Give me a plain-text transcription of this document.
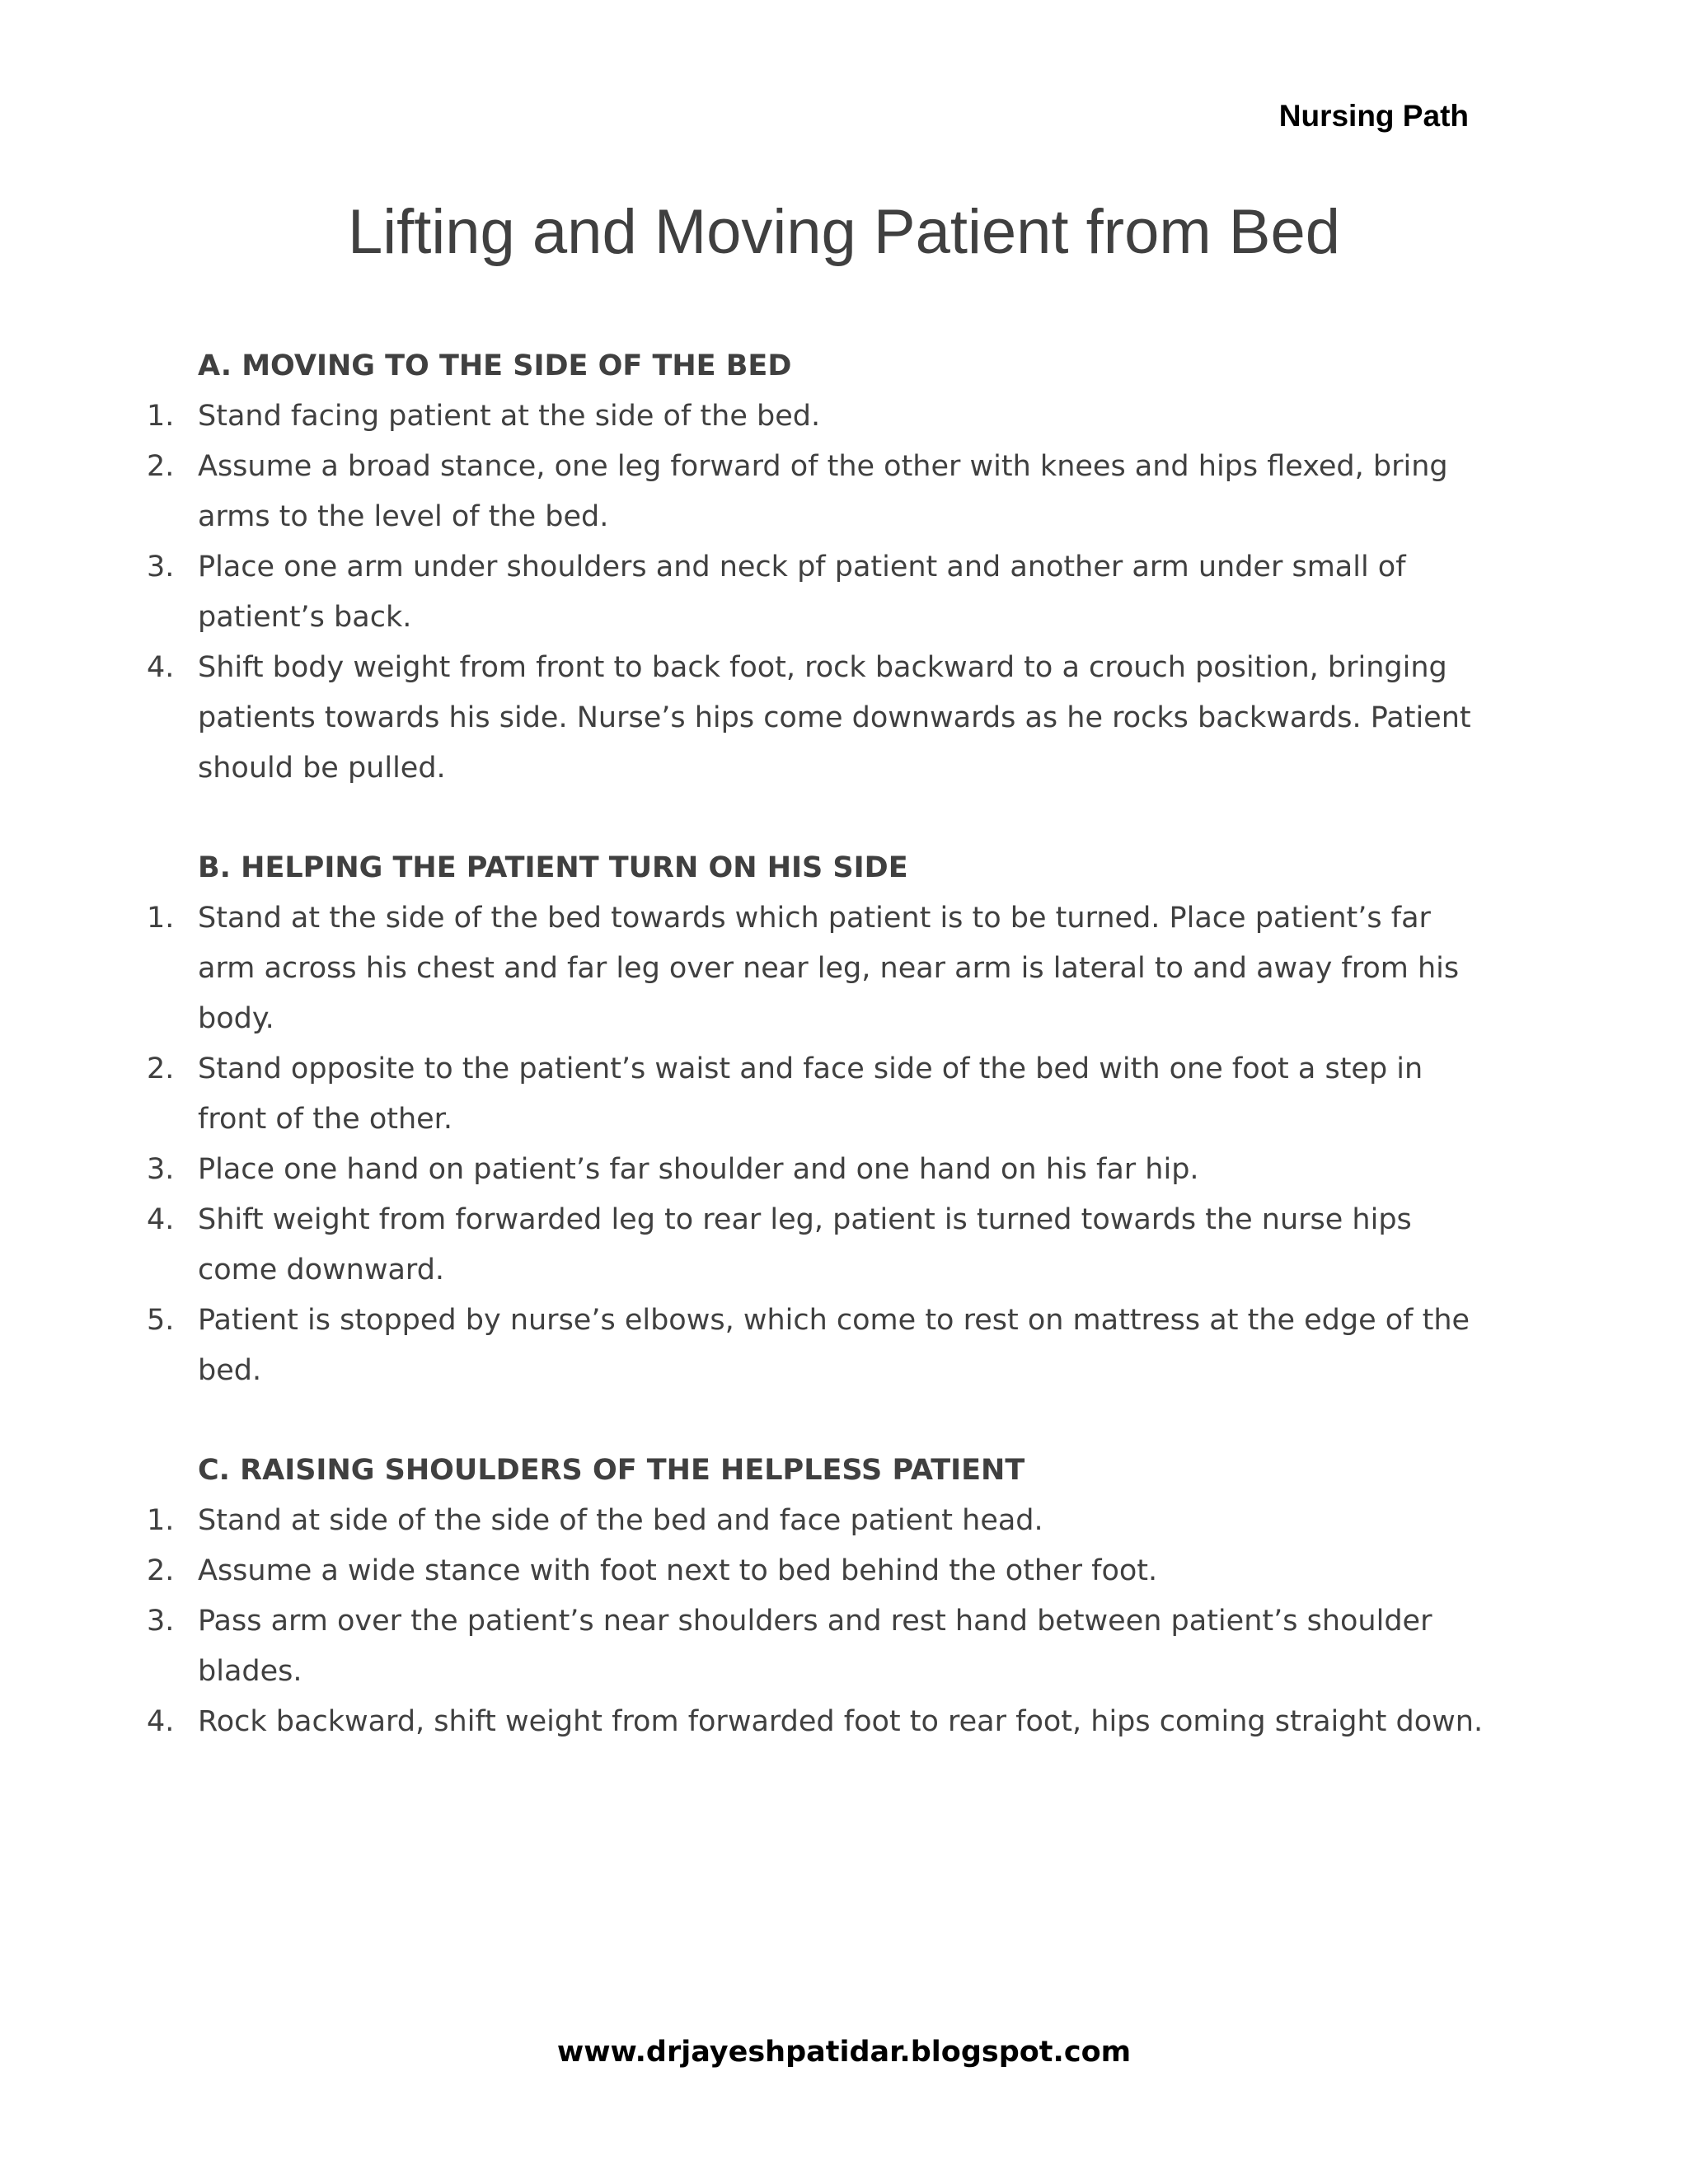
Nursing Path
Lifting and Moving Patient from Bed

A. MOVING TO THE SIDE OF THE BED

1. Stand facing patient at the side of the bed.
2. Assume a broad stance, one leg forward of the other with knees and hips flexed, bring arms to the level of the bed.
3. Place one arm under shoulders and neck pf patient and another arm under small of patient’s back.
4. Shift body weight from front to back foot, rock backward to a crouch position, bringing patients towards his side. Nurse’s hips come downwards as he rocks backwards. Patient should be pulled.

B. HELPING THE PATIENT TURN ON HIS SIDE

1. Stand at the side of the bed towards which patient is to be turned. Place patient’s far arm across his chest and far leg over near leg, near arm is lateral to and away from his body.
2. Stand opposite to the patient’s waist and face side of the bed with one foot a step in front of the other.
3. Place one hand on patient’s far shoulder and one hand on his far hip.
4. Shift weight from forwarded leg to rear leg, patient is turned towards the nurse hips come downward.
5. Patient is stopped by nurse’s elbows, which come to rest on mattress at the edge of the bed.

C. RAISING SHOULDERS OF THE HELPLESS PATIENT

1. Stand at side of the side of the bed and face patient head.
2. Assume a wide stance with foot next to bed behind the other foot.
3. Pass arm over the patient’s near shoulders and rest hand between patient’s shoulder blades.
4. Rock backward, shift weight from forwarded foot to rear foot, hips coming straight down.
www.drjayeshpatidar.blogspot.com
